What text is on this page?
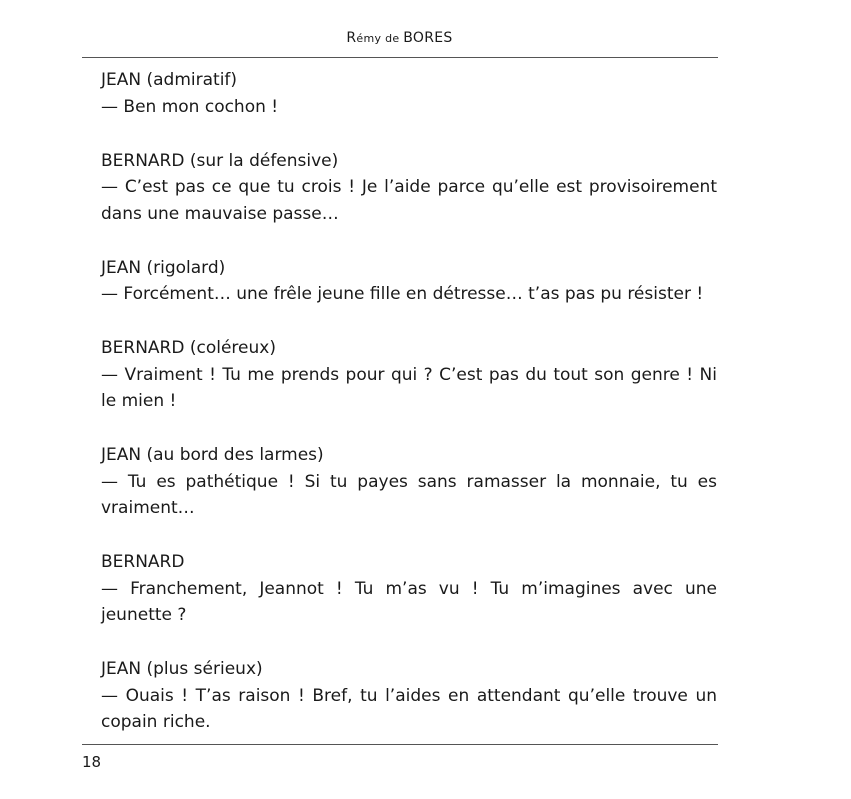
Rémy de BORES

JEAN (admiratif)

— Ben mon cochon !

BERNARD (sur la défensive)

— C’est pas ce que tu crois ! Je l’aide parce qu’elle est provisoirement dans une mauvaise passe…

JEAN (rigolard)

— Forcément… une frêle jeune fille en détresse… t’as pas pu résister !

BERNARD (coléreux)

— Vraiment ! Tu me prends pour qui ? C’est pas du tout son genre ! Ni le mien !

JEAN (au bord des larmes)

— Tu es pathétique ! Si tu payes sans ramasser la monnaie, tu es vraiment…

BERNARD

— Franchement, Jeannot ! Tu m’as vu ! Tu m’imagines avec une jeunette ?

JEAN (plus sérieux)

— Ouais ! T’as raison ! Bref, tu l’aides en attendant qu’elle trouve un copain riche.

18
